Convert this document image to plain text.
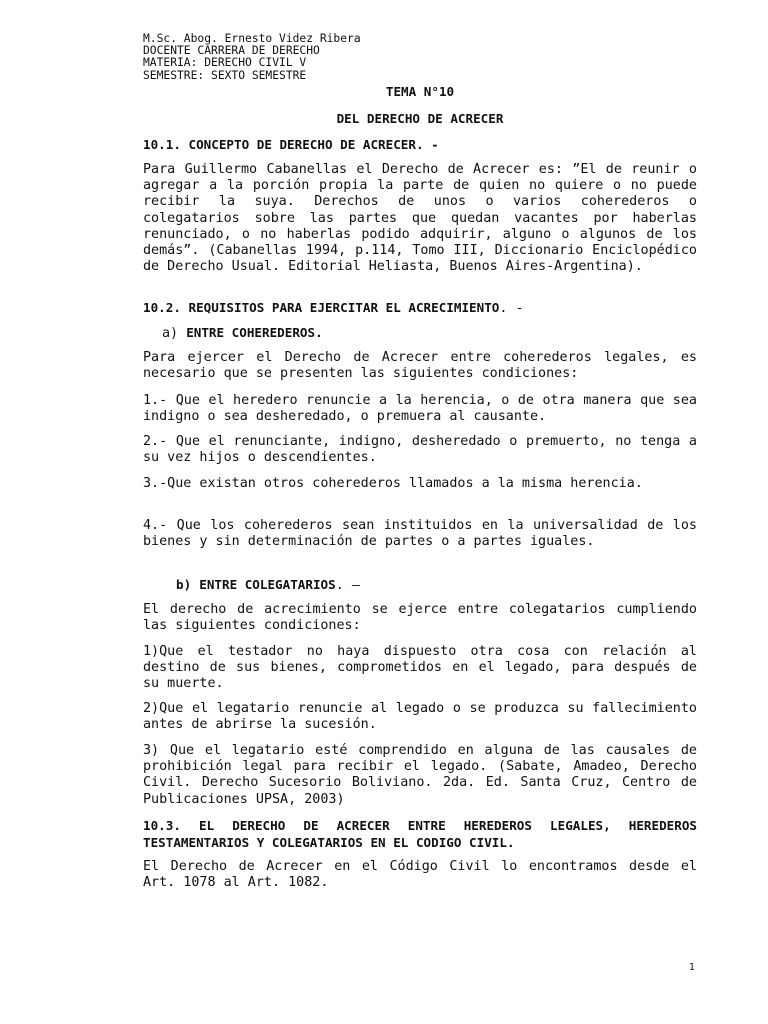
M.Sc. Abog. Ernesto Videz Ribera
DOCENTE CARRERA DE DERECHO
MATERIA: DERECHO CIVIL V
SEMESTRE: SEXTO SEMESTRE
TEMA N°10
DEL DERECHO DE ACRECER
10.1. CONCEPTO DE DERECHO DE ACRECER. -
Para Guillermo Cabanellas el Derecho de Acrecer es: ”El de reunir o agregar a la porción propia la parte de quien no quiere o no puede recibir la suya. Derechos de unos o varios coherederos o colegatarios sobre las partes que quedan vacantes por haberlas renunciado, o no haberlas podido adquirir, alguno o algunos de los demás”. (Cabanellas 1994, p.114, Tomo III, Diccionario Enciclopédico de Derecho Usual. Editorial Heliasta, Buenos Aires-Argentina).
10.2. REQUISITOS PARA EJERCITAR EL ACRECIMIENTO. -
a) ENTRE COHEREDEROS.
Para ejercer el Derecho de Acrecer entre coherederos legales, es necesario que se presenten las siguientes condiciones:
1.- Que el heredero renuncie a la herencia, o de otra manera que sea indigno o sea desheredado, o premuera al causante.
2.- Que el renunciante, indigno, desheredado o premuerto, no tenga a su vez hijos o descendientes.
3.-Que existan otros coherederos llamados a la misma herencia.
4.- Que los coherederos sean instituidos en la universalidad de los bienes y sin determinación de partes o a partes iguales.
b) ENTRE COLEGATARIOS. –
El derecho de acrecimiento se ejerce entre colegatarios cumpliendo las siguientes condiciones:
1)Que el testador no haya dispuesto otra cosa con relación al destino de sus bienes, comprometidos en el legado, para después de su muerte.
2)Que el legatario renuncie al legado o se produzca su fallecimiento antes de abrirse la sucesión.
3) Que el legatario esté comprendido en alguna de las causales de prohibición legal para recibir el legado. (Sabate, Amadeo, Derecho Civil. Derecho Sucesorio Boliviano. 2da. Ed. Santa Cruz, Centro de Publicaciones UPSA, 2003)
10.3. EL DERECHO DE ACRECER ENTRE HEREDEROS LEGALES, HEREDEROS TESTAMENTARIOS Y COLEGATARIOS EN EL CODIGO CIVIL.
El Derecho de Acrecer en el Código Civil lo encontramos desde el Art. 1078 al Art. 1082.
1
